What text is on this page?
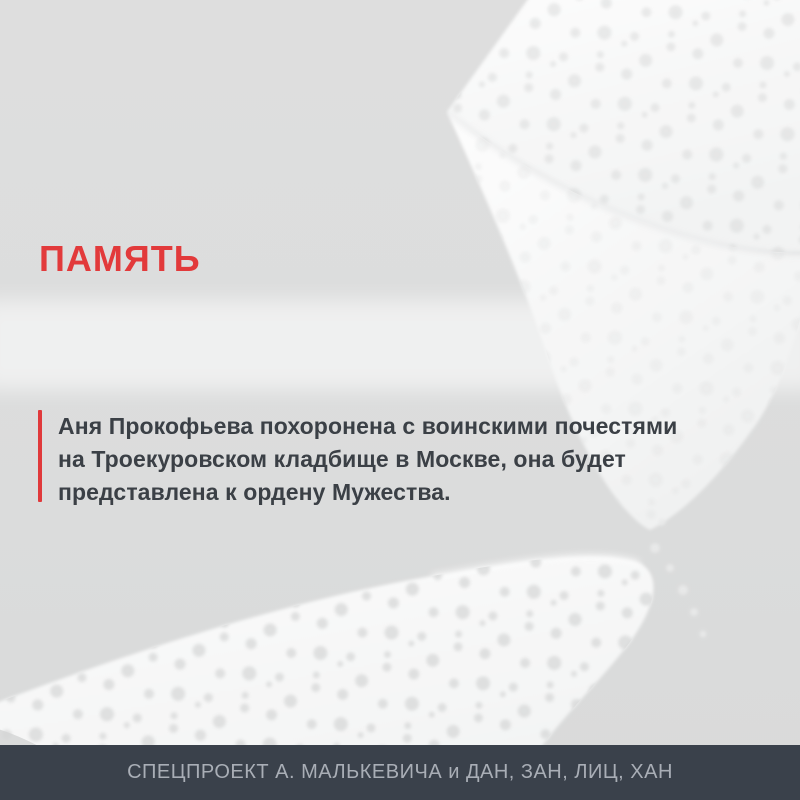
ПАМЯТЬ
Аня Прокофьева похоронена с воинскими почестями
на Троекуровском кладбище в Москве, она будет
представлена к ордену Мужества.
СПЕЦПРОЕКТ А. МАЛЬКЕВИЧА и ДАН, ЗАН, ЛИЦ, ХАН
